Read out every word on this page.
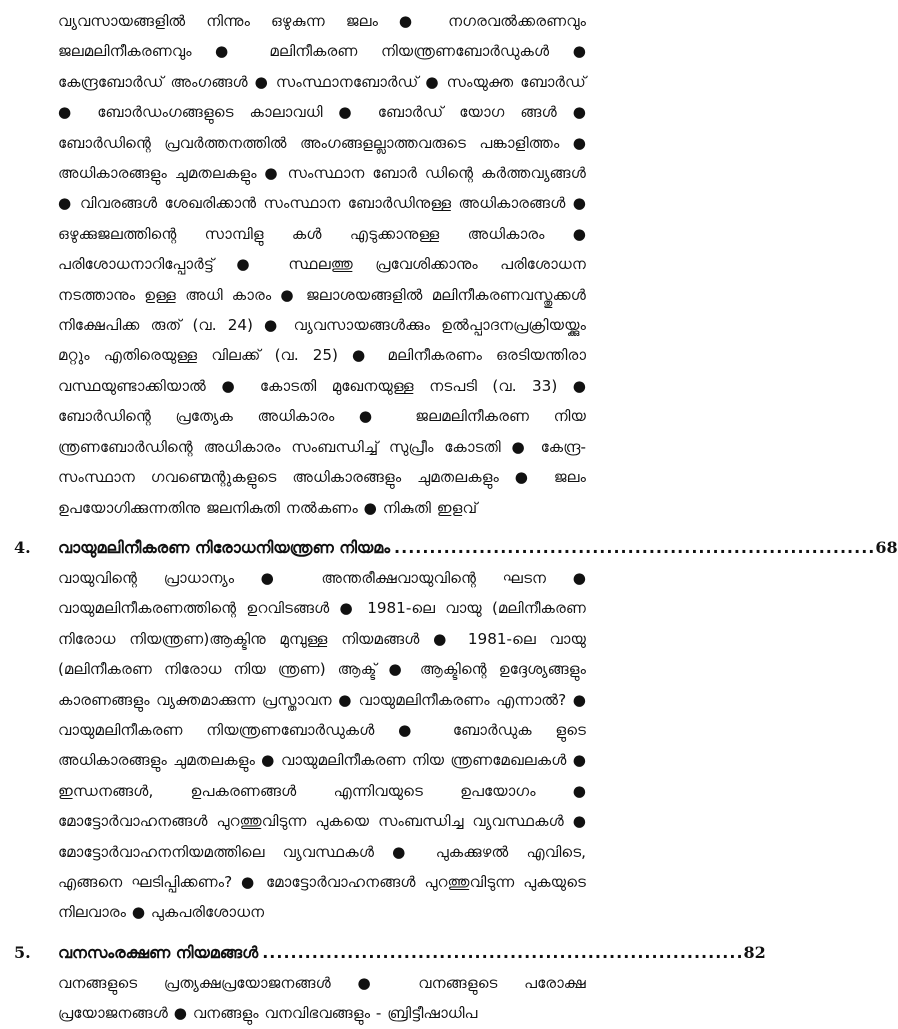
വ്യവസായങ്ങളിൽ നിന്നും ഒഴുകുന്ന ജലം ● നഗരവൽക്കരണവും ജലമലിനീകരണവും ● മലിനീകരണ നിയന്ത്രണബോർഡുകൾ ● കേന്ദ്രബോർഡ് അംഗങ്ങൾ ● സംസ്ഥാനബോർഡ് ● സംയുക്ത ബോർഡ് ● ബോർഡംഗങ്ങളുടെ കാലാവധി ● ബോർഡ് യോഗ ങ്ങൾ ● ബോർഡിന്റെ പ്രവർത്തനത്തിൽ അംഗങ്ങളല്ലാത്തവരുടെ പങ്കാളിത്തം ● അധികാരങ്ങളും ചുമതലകളും ● സംസ്ഥാന ബോർ ഡിന്റെ കർത്തവ്യങ്ങൾ ● വിവരങ്ങൾ ശേഖരിക്കാൻ സംസ്ഥാന ബോർഡിനുള്ള അധികാരങ്ങൾ ● ഒഴുക്കുജലത്തിന്റെ സാമ്പിളു കൾ എടുക്കാനുള്ള അധികാരം ● പരിശോധനാറിപ്പോർട്ട് ● സ്ഥലത്തു പ്രവേശിക്കാനും പരിശോധന നടത്താനും ഉള്ള അധി കാരം ● ജലാശയങ്ങളിൽ മലിനീകരണവസ്തുക്കൾ നിക്ഷേപിക്ക രുത് (വ. 24) ● വ്യവസായങ്ങൾക്കും ഉൽപ്പാദനപ്രക്രിയയ്ക്കും മറ്റും എതിരെയുള്ള വിലക്ക് (വ. 25) ● മലിനീകരണം ഒരടിയന്തിരാ വസ്ഥയുണ്ടാക്കിയാൽ ● കോടതി മുഖേനയുള്ള നടപടി (വ. 33) ● ബോർഡിന്റെ പ്രത്യേക അധികാരം ● ജലമലിനീകരണ നിയ ന്ത്രണബോർഡിന്റെ അധികാരം സംബന്ധിച്ച് സുപ്രീം കോടതി ● കേന്ദ്ര-സംസ്ഥാന ഗവണ്മെന്റുകളുടെ അധികാരങ്ങളും ചുമതലകളും ● ജലം ഉപയോഗിക്കുന്നതിനു ജലനികുതി നൽകണം ● നികുതി ഇളവ്

4.	വായുമലിനീകരണ നിരോധനിയന്ത്രണ നിയമം .................................................................... 68

വായുവിന്റെ പ്രാധാന്യം ● അന്തരീക്ഷവായുവിന്റെ ഘടന ● വായുമലിനീകരണത്തിന്റെ ഉറവിടങ്ങൾ ● 1981-ലെ വായു (മലിനീകരണ നിരോധ നിയന്ത്രണ)ആക്ടിനു മുമ്പുള്ള നിയമങ്ങൾ ● 1981-ലെ വായു (മലിനീകരണ നിരോധ നിയ ന്ത്രണ) ആക്ട് ● ആക്ടിന്റെ ഉദ്ദേശ്യങ്ങളും കാരണങ്ങളും വ്യക്തമാക്കുന്ന പ്രസ്താവന ● വായുമലിനീകരണം എന്നാൽ? ● വായുമലിനീകരണ നിയന്ത്രണബോർഡുകൾ ● ബോർഡുക ളുടെ അധികാരങ്ങളും ചുമതലകളും ● വായുമലിനീകരണ നിയ ന്ത്രണമേഖലകൾ ● ഇന്ധനങ്ങൾ, ഉപകരണങ്ങൾ എന്നിവയുടെ ഉപയോഗം ● മോട്ടോർവാഹനങ്ങൾ പുറത്തുവിടുന്ന പുകയെ സംബന്ധിച്ച വ്യവസ്ഥകൾ ● മോട്ടോർവാഹനനിയമത്തിലെ വ്യവസ്ഥകൾ ● പുകക്കുഴൽ എവിടെ, എങ്ങനെ ഘടിപ്പിക്കണം? ● മോട്ടോർവാഹനങ്ങൾ പുറത്തുവിടുന്ന പുകയുടെ നിലവാരം ● പുകപരിശോധന

5.	വനസംരക്ഷണ നിയമങ്ങൾ .................................................................... 82

വനങ്ങളുടെ പ്രത്യക്ഷപ്രയോജനങ്ങൾ ● വനങ്ങളുടെ പരോക്ഷ പ്രയോജനങ്ങൾ ● വനങ്ങളും വനവിഭവങ്ങളും - ബ്രിട്ടീഷാധിപ
